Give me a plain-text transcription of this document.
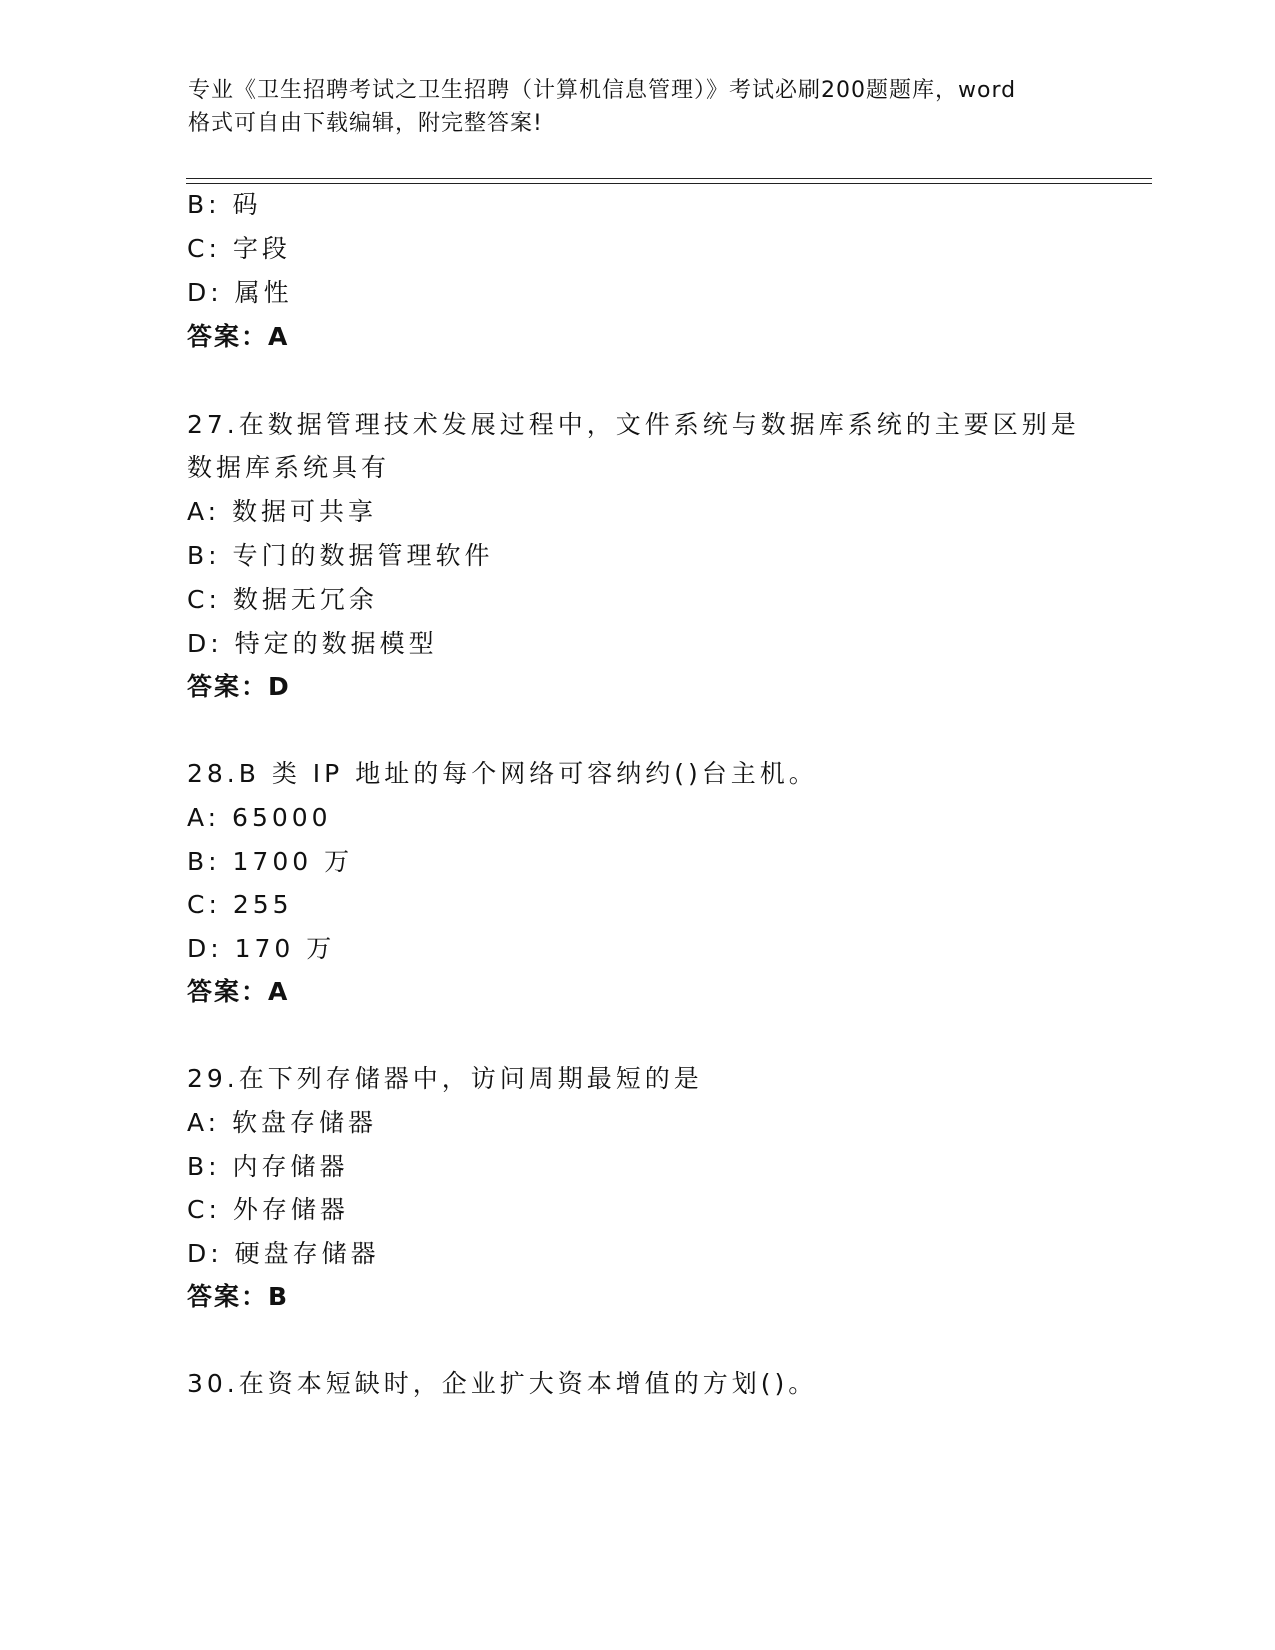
专业《卫生招聘考试之卫生招聘（计算机信息管理）》考试必刷200题题库，word
格式可自由下载编辑，附完整答案!
B: 码
C: 字段
D: 属性
答案：A
27.在数据管理技术发展过程中，文件系统与数据库系统的主要区别是
数据库系统具有
A: 数据可共享
B: 专门的数据管理软件
C: 数据无冗余
D: 特定的数据模型
答案：D
28.B 类 IP 地址的每个网络可容纳约()台主机。
A: 65000
B: 1700 万
C: 255
D: 170 万
答案：A
29.在下列存储器中，访问周期最短的是
A: 软盘存储器
B: 内存储器
C: 外存储器
D: 硬盘存储器
答案：B
30.在资本短缺时，企业扩大资本增值的方划()。
